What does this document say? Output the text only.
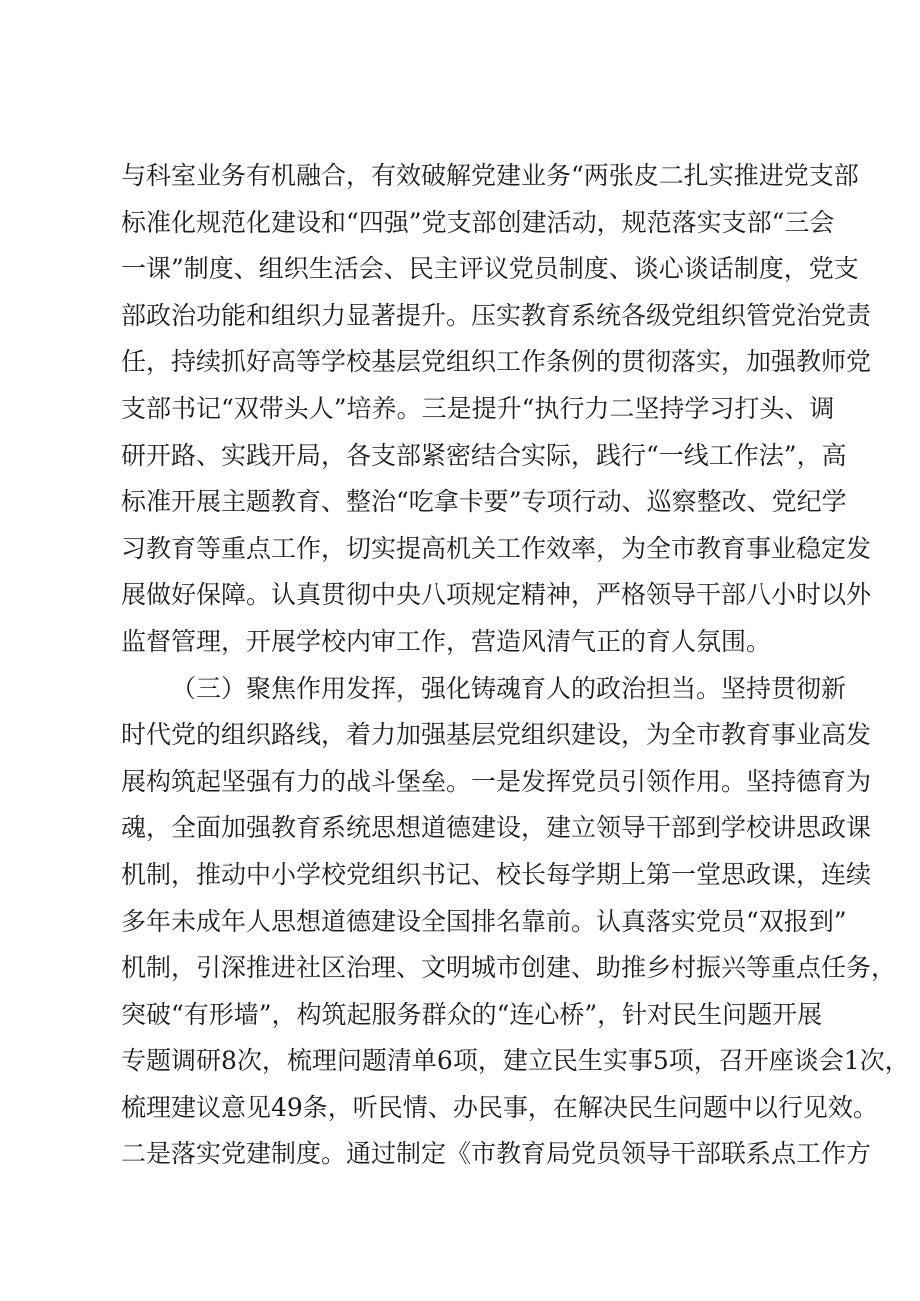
与科室业务有机融合，有效破解党建业务“两张皮二扎实推进党支部
标准化规范化建设和“四强”党支部创建活动，规范落实支部“三会
一课”制度、组织生活会、民主评议党员制度、谈心谈话制度，党支
部政治功能和组织力显著提升。压实教育系统各级党组织管党治党责
任，持续抓好高等学校基层党组织工作条例的贯彻落实，加强教师党
支部书记“双带头人”培养。三是提升“执行力二坚持学习打头、调
研开路、实践开局，各支部紧密结合实际，践行“一线工作法”，高
标准开展主题教育、整治“吃拿卡要”专项行动、巡察整改、党纪学
习教育等重点工作，切实提高机关工作效率，为全市教育事业稳定发
展做好保障。认真贯彻中央八项规定精神，严格领导干部八小时以外
监督管理，开展学校内审工作，营造风清气正的育人氛围。
（三）聚焦作用发挥，强化铸魂育人的政治担当。坚持贯彻新
时代党的组织路线，着力加强基层党组织建设，为全市教育事业高发
展构筑起坚强有力的战斗堡垒。一是发挥党员引领作用。坚持德育为
魂，全面加强教育系统思想道德建设，建立领导干部到学校讲思政课
机制，推动中小学校党组织书记、校长每学期上第一堂思政课，连续
多年未成年人思想道德建设全国排名靠前。认真落实党员“双报到”
机制，引深推进社区治理、文明城市创建、助推乡村振兴等重点任务，
突破“有形墙”，构筑起服务群众的“连心桥”，针对民生问题开展
专题调研8次，梳理问题清单6项，建立民生实事5项，召开座谈会1次，
梳理建议意见49条，听民情、办民事，在解决民生问题中以行见效。
二是落实党建制度。通过制定《市教育局党员领导干部联系点工作方
